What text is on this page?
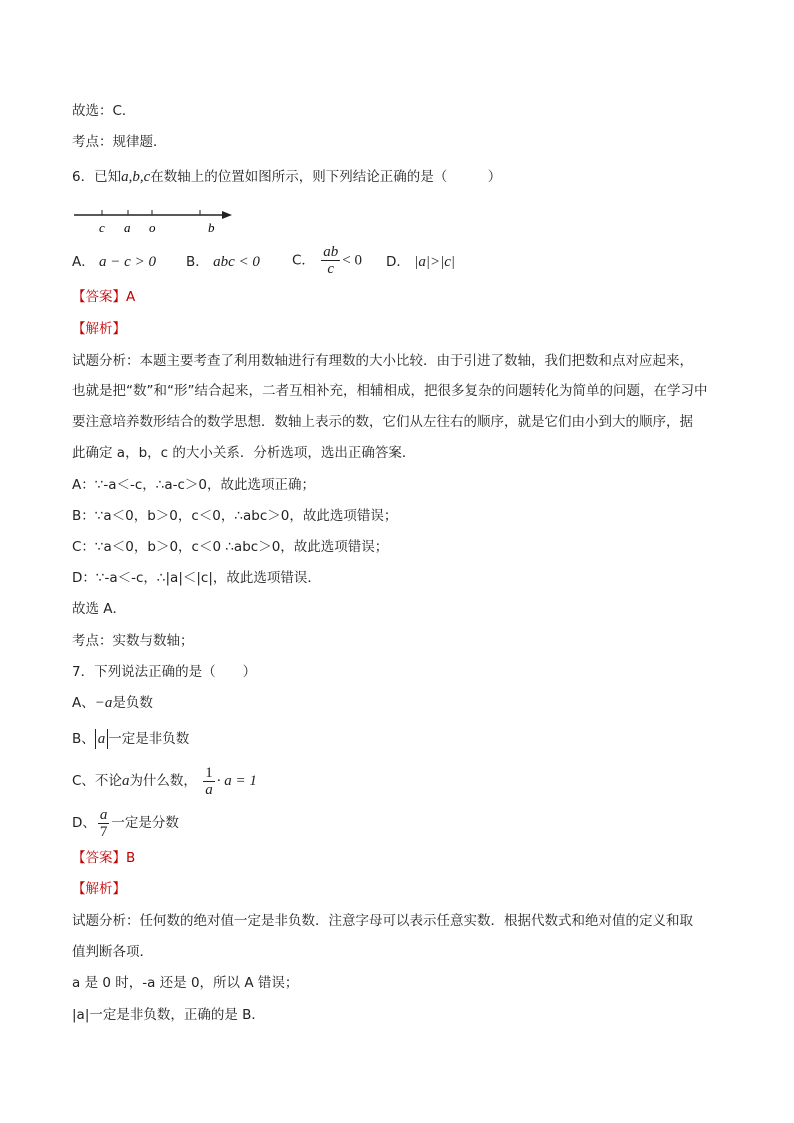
故选：C．
考点：规律题．
6．已知a,b,c在数轴上的位置如图所示，则下列结论正确的是（　　　）
c a o	b
A． a − c > 0 B． abc < 0 C． $\frac{ab}{c} < 0$ D． |a|>|c|
【答案】A
【解析】
试题分析：本题主要考查了利用数轴进行有理数的大小比较．由于引进了数轴，我们把数和点对应起来，
也就是把“数”和“形”结合起来，二者互相补充，相辅相成，把很多复杂的问题转化为简单的问题，在学习中
要注意培养数形结合的数学思想．数轴上表示的数，它们从左往右的顺序，就是它们由小到大的顺序，据
此确定 a，b，c 的大小关系．分析选项，选出正确答案．
A：∵-a＜-c，∴a-c＞0，故此选项正确；
B：∵a＜0，b＞0，c＜0，∴abc＞0，故此选项错误；
C：∵a＜0，b＞0，c＜0 ∴abc＞0，故此选项错误；
D：∵-a＜-c，∴|a|＜|c|，故此选项错误．
故选 A．
考点：实数与数轴；
7．下列说法正确的是（　　）
A、−a是负数
B、 a 一定是非负数
C、不论a为什么数， $\frac{1}{a} \cdot a = 1$
D、 $\frac{a}{7}$ 一定是分数
【答案】B
【解析】
试题分析：任何数的绝对值一定是非负数．注意字母可以表示任意实数．根据代数式和绝对值的定义和取
值判断各项．
a 是 0 时，-a 还是 0，所以 A 错误；
|a|一定是非负数，正确的是 B．
